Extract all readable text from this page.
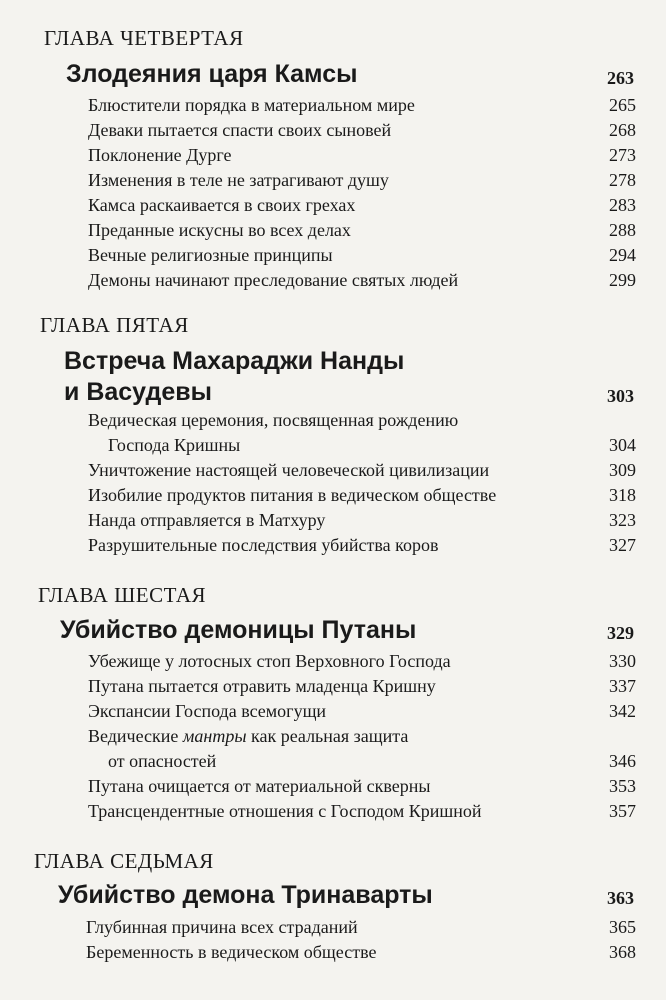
ГЛАВА ЧЕТВЕРТАЯ
Злодеяния царя Камсы	263
Блюстители порядка в материальном мире	265
Деваки пытается спасти своих сыновей	268
Поклонение Дурге	273
Изменения в теле не затрагивают душу	278
Камса раскаивается в своих грехах	283
Преданные искусны во всех делах	288
Вечные религиозные принципы	294
Демоны начинают преследование святых людей	299
ГЛАВА ПЯТАЯ
Встреча Махараджи Нанды
и Васудевы	303
Ведическая церемония, посвященная рождению
Господа Кришны	304
Уничтожение настоящей человеческой цивилизации	309
Изобилие продуктов питания в ведическом обществе	318
Нанда отправляется в Матхуру	323
Разрушительные последствия убийства коров	327
ГЛАВА ШЕСТАЯ
Убийство демоницы Путаны	329
Убежище у лотосных стоп Верховного Господа	330
Путана пытается отравить младенца Кришну	337
Экспансии Господа всемогущи	342
Ведические мантры как реальная защита
от опасностей	346
Путана очищается от материальной скверны	353
Трансцендентные отношения с Господом Кришной	357
ГЛАВА СЕДЬМАЯ
Убийство демона Тринаварты	363
Глубинная причина всех страданий	365
Беременность в ведическом обществе	368
